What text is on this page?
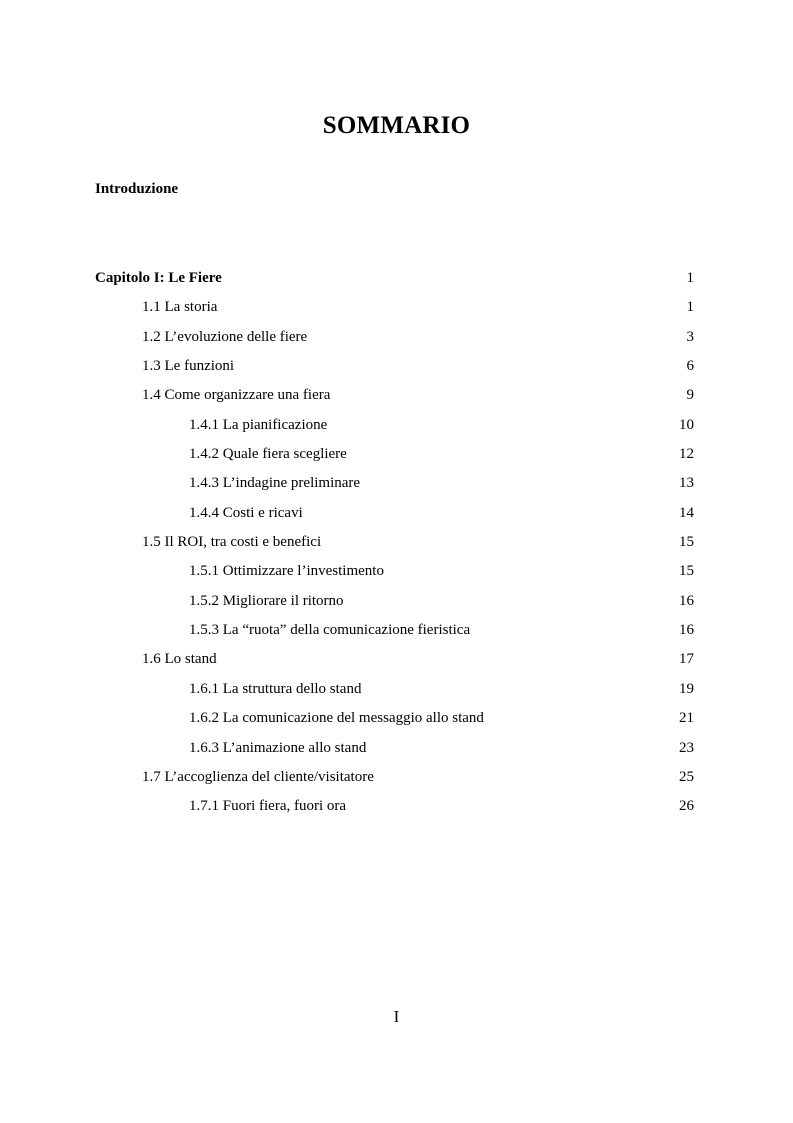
SOMMARIO
Introduzione
Capitolo I: Le Fiere	1
1.1 La storia	1
1.2 L’evoluzione delle fiere	3
1.3 Le funzioni	6
1.4 Come organizzare una fiera	9
1.4.1 La pianificazione	10
1.4.2 Quale fiera scegliere	12
1.4.3 L’indagine preliminare	13
1.4.4 Costi e ricavi	14
1.5 Il ROI, tra costi e benefici	15
1.5.1 Ottimizzare l’investimento	15
1.5.2 Migliorare il ritorno	16
1.5.3 La “ruota” della comunicazione fieristica	16
1.6 Lo stand	17
1.6.1 La struttura dello stand	19
1.6.2 La comunicazione del messaggio allo stand	21
1.6.3 L’animazione allo stand	23
1.7 L’accoglienza del cliente/visitatore	25
1.7.1 Fuori fiera, fuori ora	26
I
